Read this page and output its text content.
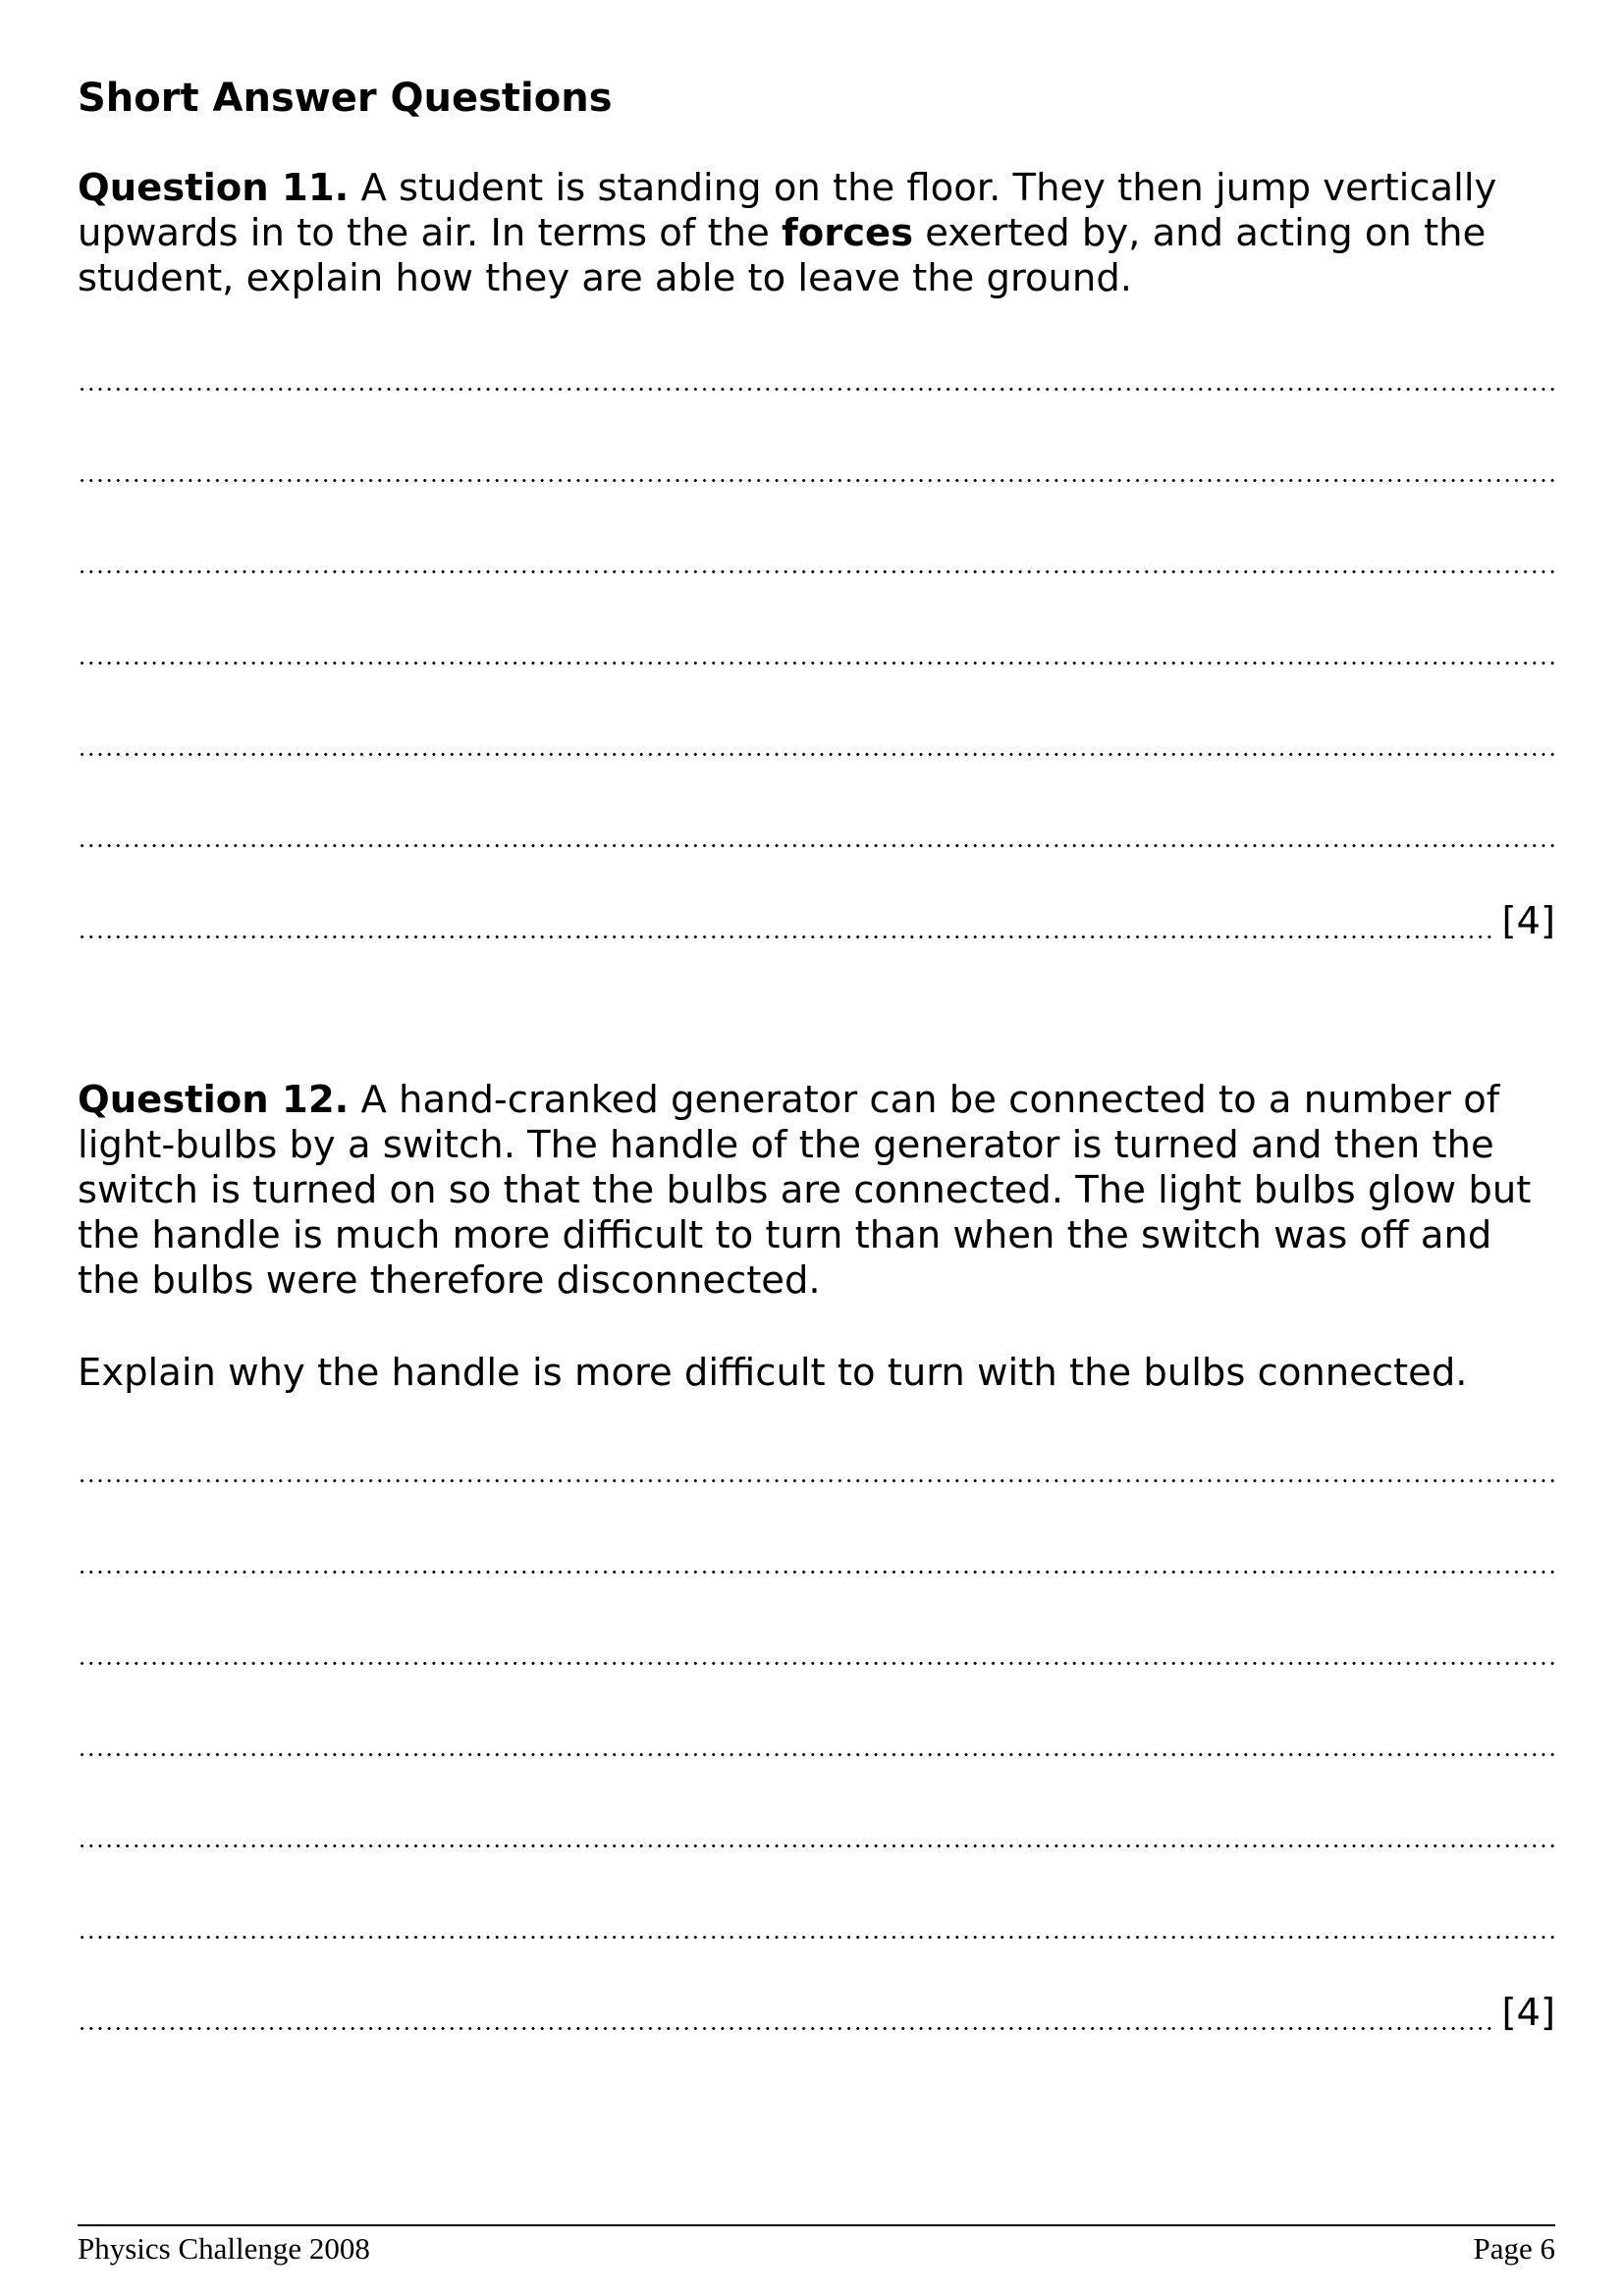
Short Answer Questions

Question 11. A student is standing on the floor. They then jump vertically upwards in to the air. In terms of the forces exerted by, and acting on the student, explain how they are able to leave the ground.

[4]

Question 12. A hand-cranked generator can be connected to a number of light-bulbs by a switch. The handle of the generator is turned and then the switch is turned on so that the bulbs are connected. The light bulbs glow but the handle is much more difficult to turn than when the switch was off and the bulbs were therefore disconnected.

Explain why the handle is more difficult to turn with the bulbs connected.

[4]
Physics Challenge 2008	Page 6
